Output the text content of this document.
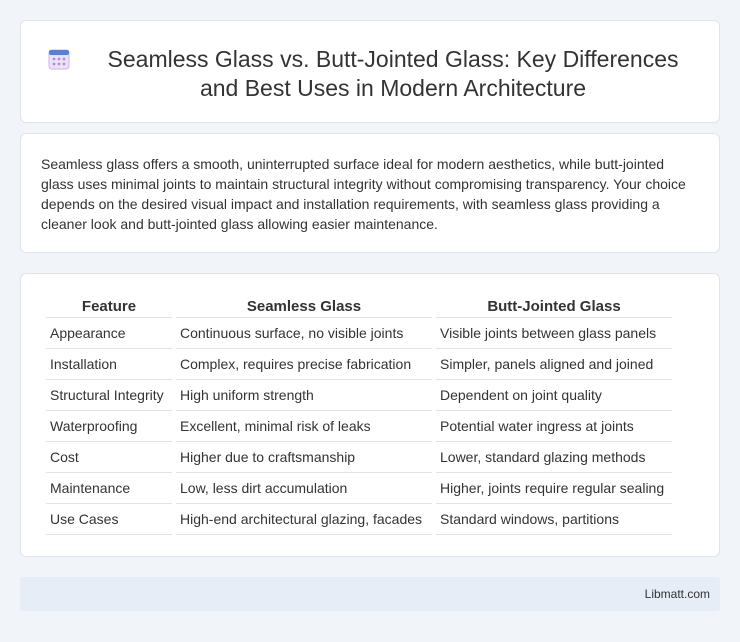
Seamless Glass vs. Butt-Jointed Glass: Key Differences and Best Uses in Modern Architecture

Seamless glass offers a smooth, uninterrupted surface ideal for modern aesthetics, while butt-jointed glass uses minimal joints to maintain structural integrity without compromising transparency. Your choice depends on the desired visual impact and installation requirements, with seamless glass providing a cleaner look and butt-jointed glass allowing easier maintenance.

Feature	Seamless Glass	Butt-Jointed Glass
Appearance	Continuous surface, no visible joints	Visible joints between glass panels
Installation	Complex, requires precise fabrication	Simpler, panels aligned and joined
Structural Integrity	High uniform strength	Dependent on joint quality
Waterproofing	Excellent, minimal risk of leaks	Potential water ingress at joints
Cost	Higher due to craftsmanship	Lower, standard glazing methods
Maintenance	Low, less dirt accumulation	Higher, joints require regular sealing
Use Cases	High-end architectural glazing, facades	Standard windows, partitions
Libmatt.com
